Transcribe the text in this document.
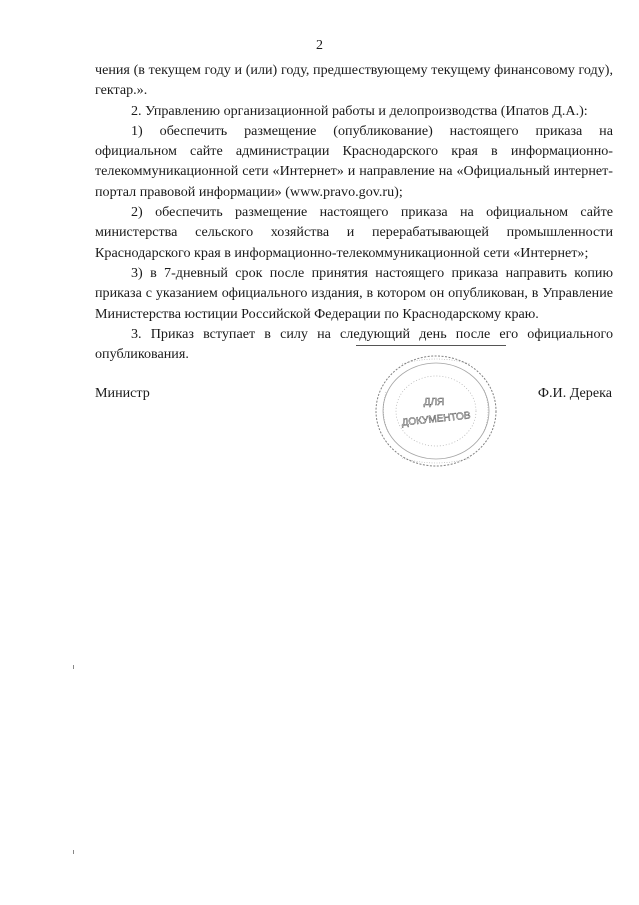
2

чения (в текущем году и (или) году, предшествующему текущему финансовому году), гектар.».

2. Управлению организационной работы и делопроизводства (Ипатов Д.А.):

1) обеспечить размещение (опубликование) настоящего приказа на официальном сайте администрации Краснодарского края в информационно-телекоммуникационной сети «Интернет» и направление на «Официальный интернет-портал правовой информации» (www.pravo.gov.ru);

2) обеспечить размещение настоящего приказа на официальном сайте министерства сельского хозяйства и перерабатывающей промышленности Краснодарского края в информационно-телекоммуникационной сети «Интернет»;

3) в 7-дневный срок после принятия настоящего приказа направить копию приказа с указанием официального издания, в котором он опубликован, в Управление Министерства юстиции Российской Федерации по Краснодарскому краю.

3. Приказ вступает в силу на следующий день после его официального опубликования.

Министр	Ф.И. Дерека
ДЛЯ
ДОКУМЕНТОВ
